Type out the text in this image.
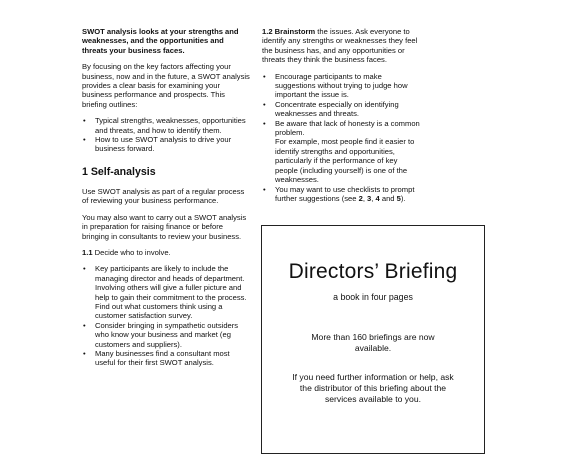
SWOT analysis looks at your strengths and weaknesses, and the opportunities and threats your business faces.

By focusing on the key factors affecting your business, now and in the future, a SWOT analysis provides a clear basis for examining your business performance and prospects. This briefing outlines:

• Typical strengths, weaknesses, opportunities and threats, and how to identify them.
• How to use SWOT analysis to drive your business forward.
1 Self-analysis

Use SWOT analysis as part of a regular process of reviewing your business performance.

You may also want to carry out a SWOT analysis in preparation for raising finance or before bringing in consultants to review your business.

1.1 Decide who to involve.

• Key participants are likely to include the managing director and heads of department.
Involving others will give a fuller picture and help to gain their commitment to the process.
Find out what customers think using a customer satisfaction survey.
• Consider bringing in sympathetic outsiders who know your business and market (eg customers and suppliers).
• Many businesses find a consultant most useful for their first SWOT analysis.

1.2 Brainstorm the issues. Ask everyone to identify any strengths or weaknesses they feel the business has, and any opportunities or threats they think the business faces.

• Encourage participants to make suggestions without trying to judge how important the issue is.
• Concentrate especially on identifying weaknesses and threats.
• Be aware that lack of honesty is a common problem.
For example, most people find it easier to identify strengths and opportunities, particularly if the performance of key people (including yourself) is one of the weaknesses.
• You may want to use checklists to prompt further suggestions (see 2, 3, 4 and 5).
Directors’ Briefing
a book in four pages
More than 160 briefings are now available.
If you need further information or help, ask the distributor of this briefing about the services available to you.
